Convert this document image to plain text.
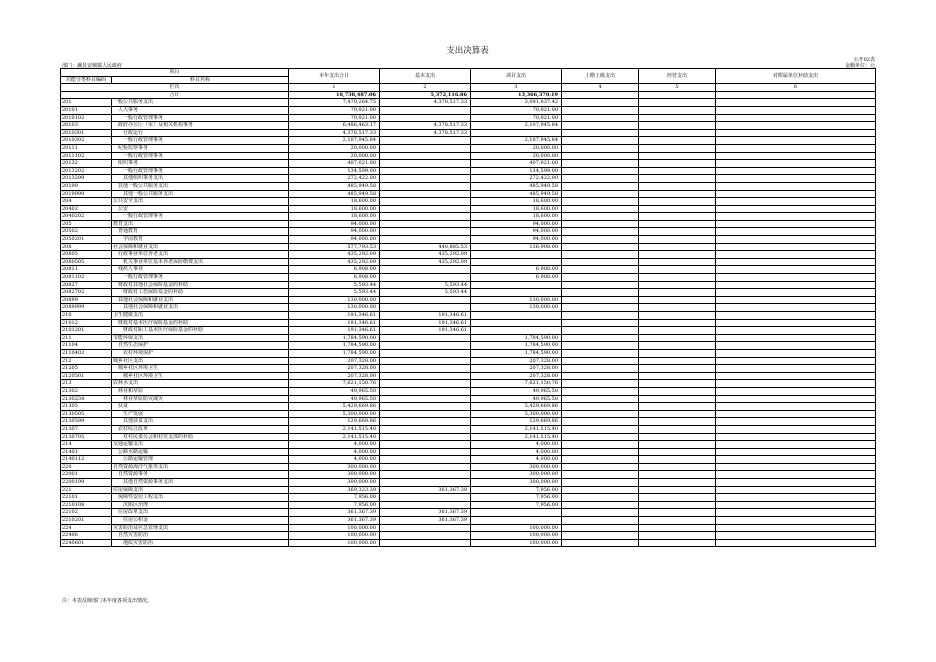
支出决算表
公开02表
金额单位：元
部门：澜县安城镇人民政府
项目		本年支出合计	基本支出	项目支出	上缴上级支出	经营支出	对附属单位补助支出
功能分类科目编码	科目名称						

栏次		1	2	3	4	5	6
合计		18,738,487.06	5,372,116.86	13,366,370.19			
201	一般公共服务支出	7,470,264.75	4,378,517.33	3,091,837.42			
20101	人大事务	70,921.00		70,921.00			
2010102	一般行政管理事务	70,921.00		70,921.00			
20103	政府办公厅（室）及相关机构事务	6,486,463.17	4,378,517.33	2,107,945.84			
2010301	行政运行	4,378,517.33	4,378,517.33				
2010302	一般行政管理事务	2,107,945.84		2,107,945.84			
20111	纪检监察事务	20,000.00		20,000.00			
2011102	一般行政管理事务	20,000.00		20,000.00			
20132	组织事务	407,021.00		407,021.00			
2013202	一般行政管理事务	134,599.00		134,599.00			
2013299	其他组织事务支出	272,422.00		272,422.00			
20199	其他一般公共服务支出	485,949.58		485,949.58			
2019999	其他一般公共服务支出	485,949.58		485,949.58			
204	公共安全支出	18,600.00		18,600.00			
20402	公安	18,600.00		18,600.00			
2040202	一般行政管理事务	18,600.00		18,600.00			
205	教育支出	94,000.00		94,000.00			
20502	普通教育	94,000.00		94,000.00			
2050201	学前教育	94,000.00		94,000.00			
208	社会保障和就业支出	577,793.53	440,885.53	136,908.00			
20805	行政事业单位养老支出	435,292.09	435,292.09				
2080505	机关事业单位基本养老保险缴费支出	435,292.09	435,292.09				
20811	残疾人事业	6,908.00		6,908.00			
2081102	一般行政管理事务	6,908.00		6,908.00			
20827	财政对其他社会保险基金的补助	5,593.44	5,593.44				
2082702	财政对工伤保险基金的补助	5,593.44	5,593.44				
20899	其他社会保障和就业支出	130,000.00		130,000.00			
2089999	其他社会保障和就业支出	130,000.00		130,000.00			
210	卫生健康支出	191,346.61	191,346.61				
21012	财政对基本医疗保险基金的补助	191,346.61	191,346.61				
2101201	财政对职工基本医疗保险基金的补助	191,346.61	191,346.61				
211	节能环保支出	1,784,590.00		1,784,590.00			
21104	自然生态保护	1,784,590.00		1,784,590.00			
2110402	农村环境保护	1,784,590.00		1,784,590.00			
212	城乡社区支出	207,328.00		207,328.00			
21205	城乡社区环境卫生	207,328.00		207,328.00			
2120501	城乡社区环境卫生	207,328.00		207,328.00			
213	农林水支出	7,621,150.76		7,621,150.76			
21302	林业和草原	49,965.50		49,965.50			
2130234	林业草原防灾减灾	49,965.50		49,965.50			
21305	扶贫	5,429,669.86		5,429,669.86			
2130505	生产发展	5,300,000.00		5,300,000.00			
2130599	其他扶贫支出	129,669.86		129,669.86			
21307	农村综合改革	2,141,515.40		2,141,515.40			
2130705	对村民委员会和村党支部的补助	2,141,515.40		2,141,515.40			
214	交通运输支出	4,000.00		4,000.00			
21401	公路水路运输	4,000.00		4,000.00			
2140112	公路运输管理	4,000.00		4,000.00			
220	自然资源海洋气象等支出	300,000.00		300,000.00			
22001	自然资源事务	300,000.00		300,000.00			
2200199	其他自然资源事务支出	300,000.00		300,000.00			
221	住房保障支出	369,323.39	361,367.39	7,956.00			
22101	保障性安居工程支出	7,956.00		7,956.00			
2210108	沉陷区治理	7,956.00		7,956.00			
22102	住房改革支出	361,367.39	361,367.39				
2210201	住房公积金	361,367.39	361,367.39				
224	灾害防治及应急管理支出	100,000.00		100,000.00			
22406	自然灾害防治	100,000.00		100,000.00			
2240601	地质灾害防治	100,000.00		100,000.00			
注：本表反映部门本年度各项支出情况。
